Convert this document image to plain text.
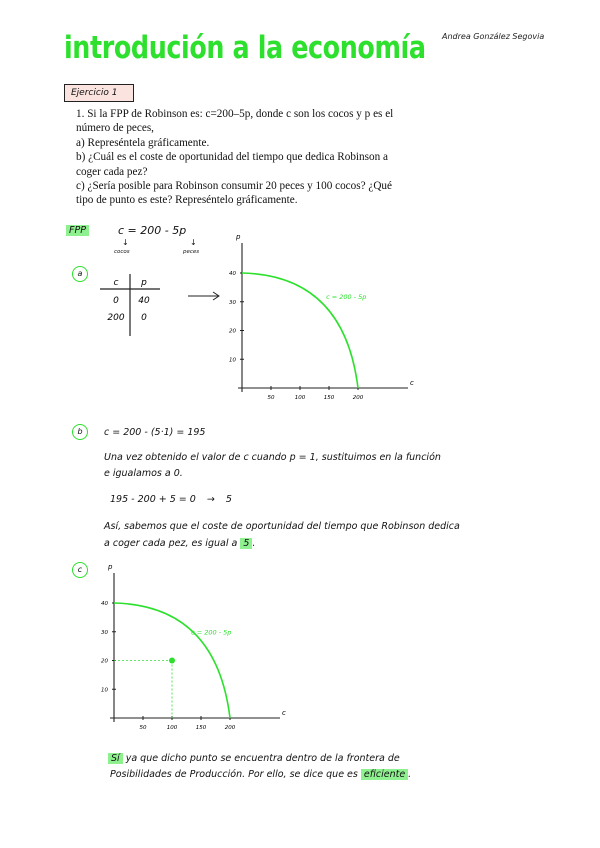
introdución a la economía Andrea González Segovia
Ejercicio 1
1. Si la FPP de Robinson es: c=200–5p, donde c son los cocos y p es el
número de peces,
a) Represéntela gráficamente.
b) ¿Cuál es el coste de oportunidad del tiempo que dedica Robinson a
coger cada pez?
c) ¿Sería posible para Robinson consumir 20 peces y 100 cocos? ¿Qué
tipo de punto es este? Represéntelo gráficamente.
FPP	c = 200 - 5p
↓
cocos
↓
peces
a
c	p
0 40
200 0
p
c
50	100	150	200
40
30
20
10
c = 200 - 5p
b	c = 200 - (5·1) = 195
Una vez obtenido el valor de c cuando p = 1, sustituimos en la función
e igualamos a 0.
195 - 200 + 5 = 0 → 5
Así, sabemos que el coste de oportunidad del tiempo que Robinson dedica
a coger cada pez, es igual a 5 .
c	p
c
50	100	150	200
40
30
20
10
c = 200 - 5p
Sí ya que dicho punto se encuentra dentro de la frontera de
Posibilidades de Producción. Por ello, se dice que es eficiente .
